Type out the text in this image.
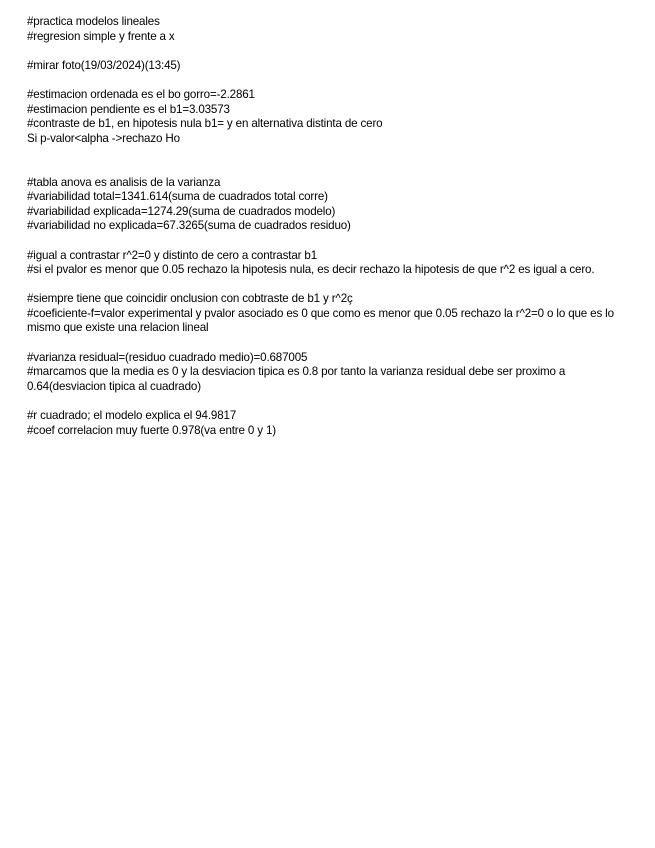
#practica modelos lineales
#regresion simple y frente a x
#mirar foto(19/03/2024)(13:45)
#estimacion ordenada es el bo gorro=-2.2861
#estimacion pendiente es el b1=3.03573
#contraste de b1, en hipotesis nula b1= y en alternativa distinta de cero
Si p-valor<alpha ->rechazo Ho
#tabla anova es analisis de la varianza
#variabilidad total=1341.614(suma de cuadrados total corre)
#variabilidad explicada=1274.29(suma de cuadrados modelo)
#variabilidad no explicada=67.3265(suma de cuadrados residuo)
#igual a contrastar r^2=0 y distinto de cero a contrastar b1
#si el pvalor es menor que 0.05 rechazo la hipotesis nula, es decir rechazo la hipotesis de que r^2 es igual a cero.
#siempre tiene que coincidir onclusion con cobtraste de b1 y r^2ç
#coeficiente-f=valor experimental y pvalor asociado es 0 que como es menor que 0.05 rechazo la r^2=0 o lo que es lo mismo que existe una relacion lineal
#varianza residual=(residuo cuadrado medio)=0.687005
#marcamos que la media es 0 y la desviacion tipica es 0.8 por tanto la varianza residual debe ser proximo a 0.64(desviacion tipica al cuadrado)
#r cuadrado; el modelo explica el 94.9817
#coef correlacion muy fuerte 0.978(va entre 0 y 1)
